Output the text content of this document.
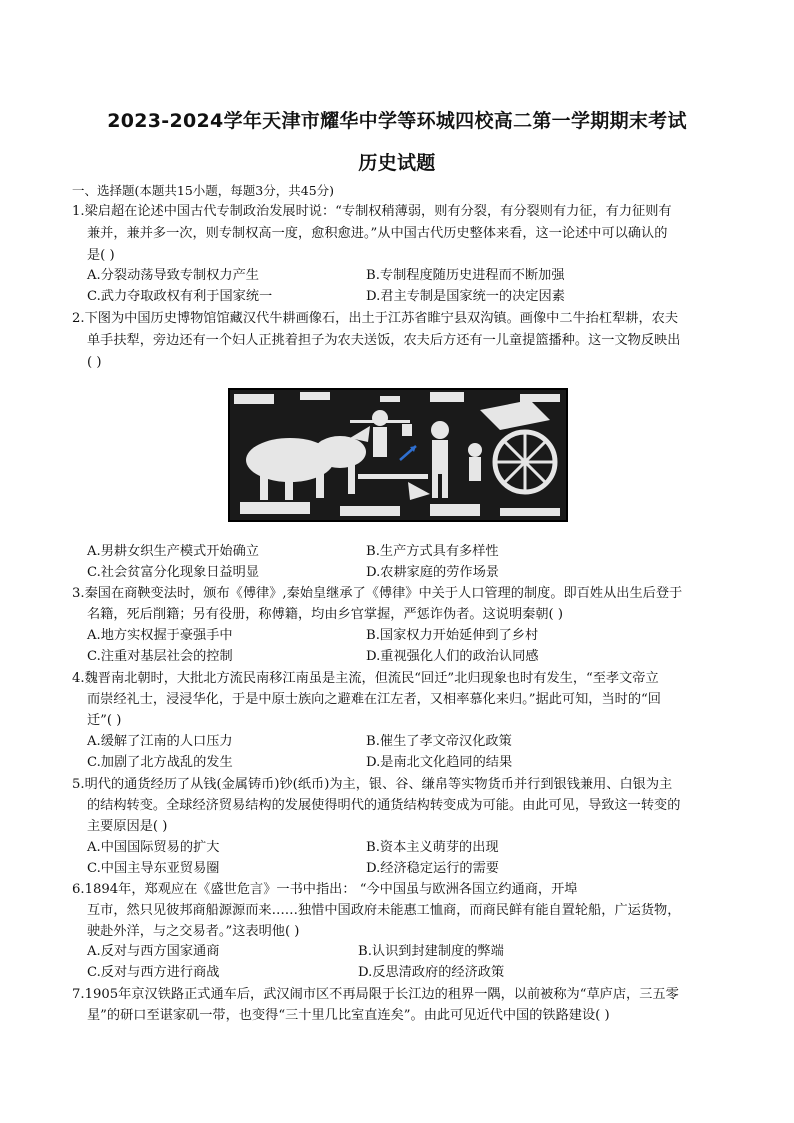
2023-2024学年天津市耀华中学等环城四校高二第一学期期末考试
历史试题
一、选择题(本题共15小题，每题3分，共45分)
1.梁启超在论述中国古代专制政治发展时说：“专制权稍薄弱，则有分裂，有分裂则有力征，有力征则有
兼并，兼并多一次，则专制权高一度，愈积愈进。”从中国古代历史整体来看，这一论述中可以确认的
是( )
A.分裂动荡导致专制权力产生	B.专制程度随历史进程而不断加强
C.武力夺取政权有利于国家统一	D.君主专制是国家统一的决定因素
2.下图为中国历史博物馆馆藏汉代牛耕画像石，出土于江苏省睢宁县双沟镇。画像中二牛抬杠犁耕，农夫
单手扶犁，旁边还有一个妇人正挑着担子为农夫送饭，农夫后方还有一儿童提篮播种。这一文物反映出
( )
A.男耕女织生产模式开始确立	B.生产方式具有多样性
C.社会贫富分化现象日益明显	D.农耕家庭的劳作场景
3.秦国在商鞅变法时，颁布《傅律》,秦始皇继承了《傅律》中关于人口管理的制度。即百姓从出生后登于
名籍，死后削籍；另有役册，称傅籍，均由乡官掌握，严惩诈伪者。这说明秦朝( )
A.地方实权握于豪强手中	B.国家权力开始延伸到了乡村
C.注重对基层社会的控制	D.重视强化人们的政治认同感
4.魏晋南北朝时，大批北方流民南移江南虽是主流，但流民“回迁”北归现象也时有发生，“至孝文帝立
而崇经礼士，浸浸华化，于是中原士族向之避难在江左者，又相率慕化来归。”据此可知，当时的“回
迁”( )
A.缓解了江南的人口压力	B.催生了孝文帝汉化政策
C.加剧了北方战乱的发生	D.是南北文化趋同的结果
5.明代的通货经历了从钱(金属铸币)钞(纸币)为主，银、谷、缣帛等实物货币并行到银钱兼用、白银为主
的结构转变。全球经济贸易结构的发展使得明代的通货结构转变成为可能。由此可见，导致这一转变的
主要原因是( )
A.中国国际贸易的扩大	B.资本主义萌芽的出现
C.中国主导东亚贸易圈	D.经济稳定运行的需要
6.1894年，郑观应在《盛世危言》一书中指出： “今中国虽与欧洲各国立约通商，开埠
互市，然只见彼邦商船源源而来……独惜中国政府未能惠工恤商，而商民鲜有能自置轮船，广运货物，
驶赴外洋，与之交易者。”这表明他( )
A.反对与西方国家通商	B.认识到封建制度的弊端
C.反对与西方进行商战	D.反思清政府的经济政策
7.1905年京汉铁路正式通车后，武汉闹市区不再局限于长江边的租界一隅，以前被称为“草庐店，三五零
星”的研口至谌家矶一带，也变得“三十里几比室直连矣”。由此可见近代中国的铁路建设( )
